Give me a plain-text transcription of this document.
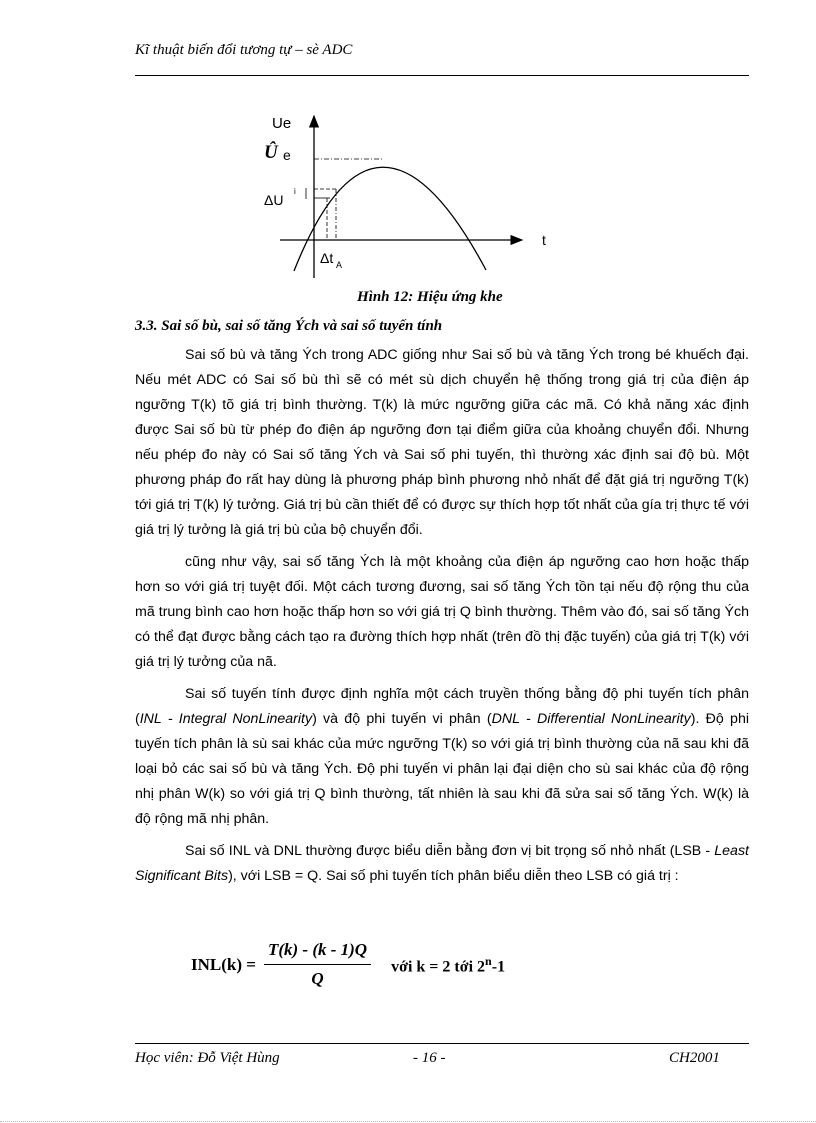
Kĩ thuật biến đổi tương tự – sè ADC
Ue
Û e
ΔU
i
t
Δt A
Hình 12: Hiệu ứng khe
3.3. Sai số bù, sai số tăng Ých và sai số tuyến tính

Sai số bù và tăng Ých trong ADC giống như Sai số bù và tăng Ých trong bé khuếch đại. Nếu mét ADC có Sai số bù thì sẽ có mét sù dịch chuyển hệ thống trong giá trị của điện áp ngưỡng T(k) tõ giá trị bình thường. T(k) là mức ngưỡng giữa các mã. Có khả năng xác định được Sai số bù từ phép đo điện áp ngưỡng đơn tại điểm giữa của khoảng chuyển đổi. Nhưng nếu phép đo này có Sai số tăng Ých và Sai số phi tuyến, thì thường xác định sai độ bù. Một phương pháp đo rất hay dùng là phương pháp bình phương nhỏ nhất để đặt giá trị ngưỡng T(k) tới giá trị T(k) lý tưởng. Giá trị bù cần thiết để có được sự thích hợp tốt nhất của gía trị thực tế với giá trị lý tưởng là giá trị bù của bộ chuyển đổi.

cũng như vậy, sai số tăng Ých là một khoảng của điện áp ngưỡng cao hơn hoặc thấp hơn so với giá trị tuyệt đối. Một cách tương đương, sai số tăng Ých tồn tại nếu độ rộng thu của mã trung bình cao hơn hoặc thấp hơn so với giá trị Q bình thường. Thêm vào đó, sai số tăng Ých có thể đạt được bằng cách tạo ra đường thích hợp nhất (trên đồ thị đặc tuyến) của giá trị T(k) với giá trị lý tưởng của nã.

Sai số tuyến tính được định nghĩa một cách truyền thống bằng độ phi tuyến tích phân (INL - Integral NonLinearity) và độ phi tuyến vi phân (DNL - Differential NonLinearity). Độ phi tuyến tích phân là sù sai khác của mức ngưỡng T(k) so với giá trị bình thường của nã sau khi đã loại bỏ các sai số bù và tăng Ých. Độ phi tuyến vi phân lại đại diện cho sù sai khác của độ rộng nhị phân W(k) so với giá trị Q bình thường, tất nhiên là sau khi đã sửa sai số tăng Ých. W(k) là độ rộng mã nhị phân.

Sai số INL và DNL thường được biểu diễn bằng đơn vị bit trọng số nhỏ nhất (LSB - Least Significant Bits), với LSB = Q. Sai số phi tuyến tích phân biểu diễn theo LSB có giá trị :

INL(k) =	T(k) - (k - 1)Q	với k = 2 tới 2$^n$-1
Q
Học viên: Đỗ Việt Hùng	- 16 -	CH2001
